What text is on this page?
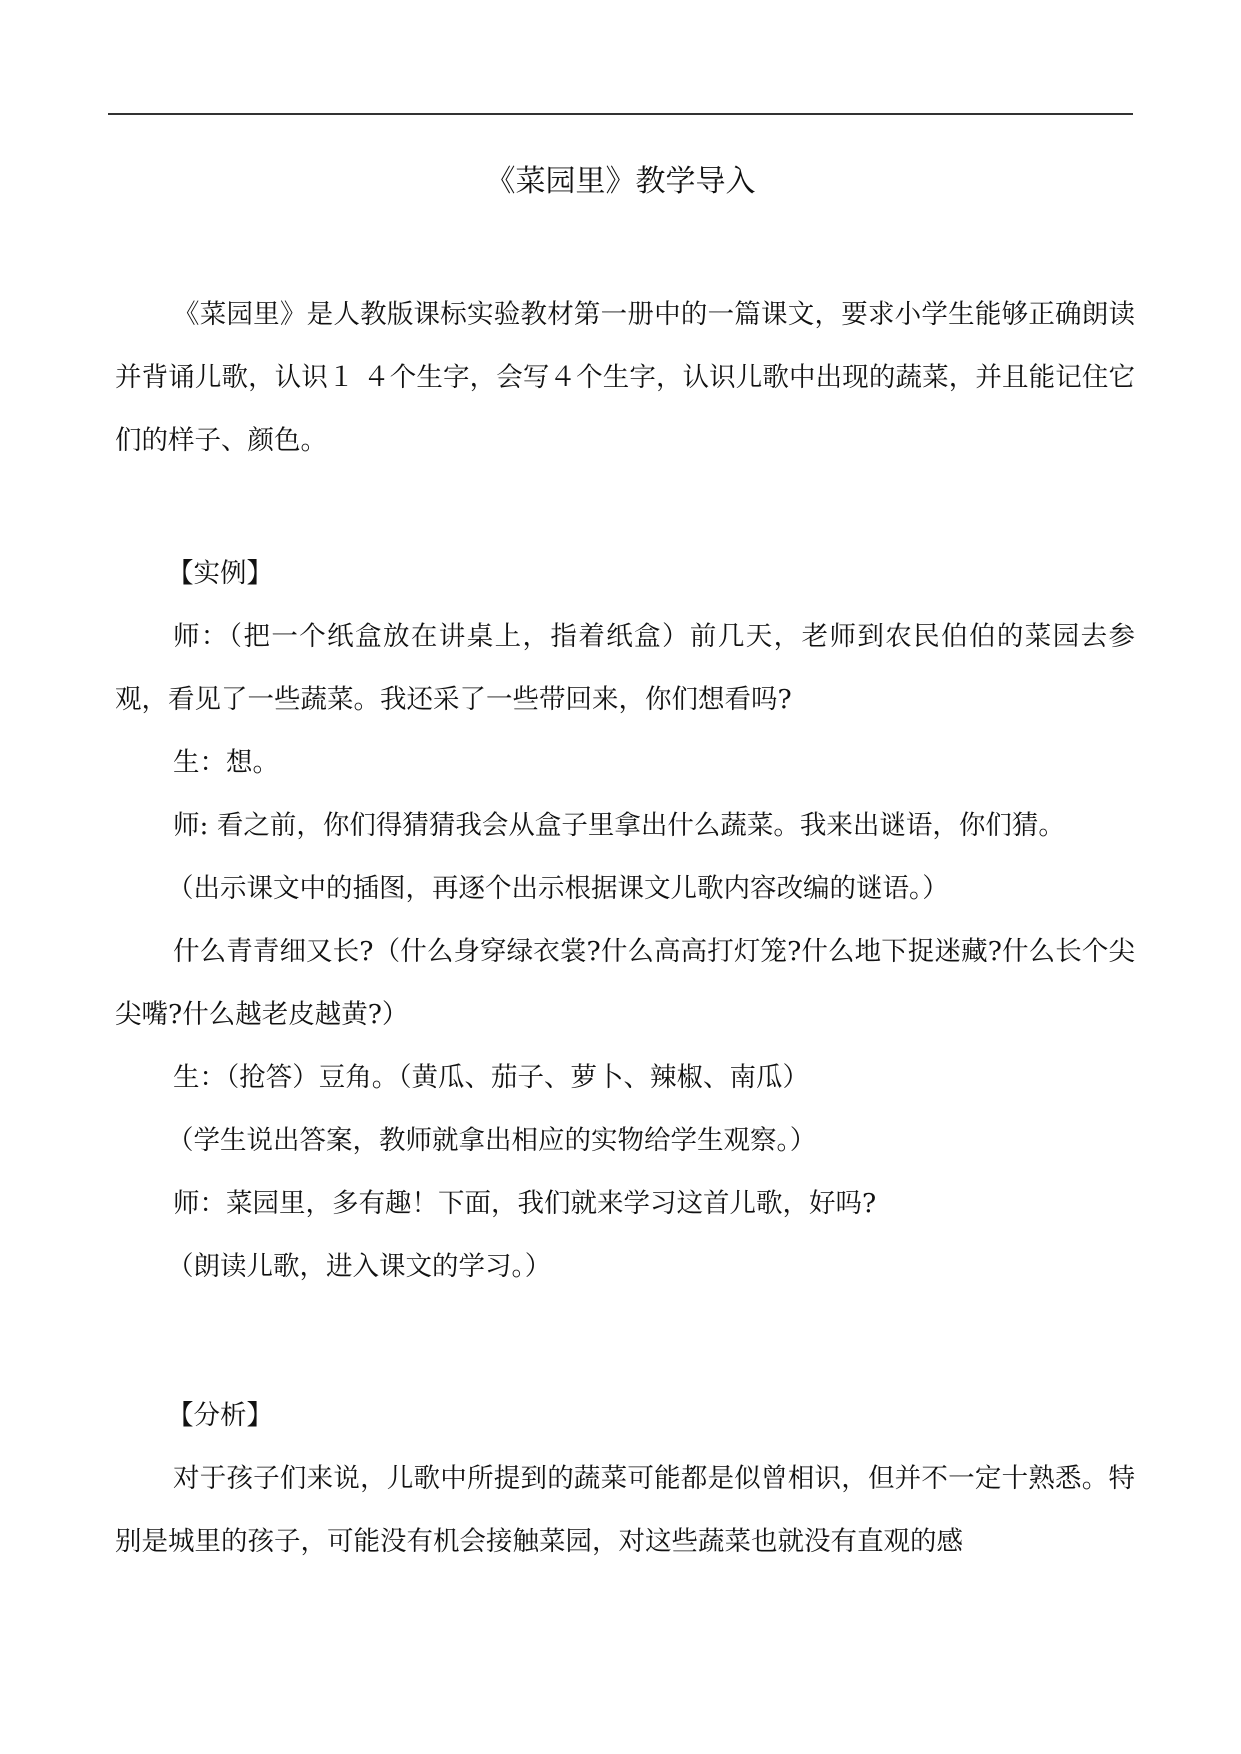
《菜园里》教学导入

《菜园里》是人教版课标实验教材第一册中的一篇课文，要求小学生能够正确朗读并背诵儿歌，认识１ ４个生字，会写４个生字，认识儿歌中出现的蔬菜，并且能记住它们的样子、颜色。

【实例】

师：（把一个纸盒放在讲桌上，指着纸盒）前几天，老师到农民伯伯的菜园去参观，看见了一些蔬菜。我还采了一些带回来，你们想看吗?

生：想。

师: 看之前，你们得猜猜我会从盒子里拿出什么蔬菜。我来出谜语，你们猜。

（出示课文中的插图，再逐个出示根据课文儿歌内容改编的谜语。）

什么青青细又长?（什么身穿绿衣裳?什么高高打灯笼?什么地下捉迷藏?什么长个尖尖嘴?什么越老皮越黄?）

生：（抢答）豆角。（黄瓜、茄子、萝卜、辣椒、南瓜）

（学生说出答案，教师就拿出相应的实物给学生观察。）

师：菜园里，多有趣！下面，我们就来学习这首儿歌，好吗?

（朗读儿歌，进入课文的学习。）

【分析】

对于孩子们来说，儿歌中所提到的蔬菜可能都是似曾相识，但并不一定十熟悉。特别是城里的孩子，可能没有机会接触菜园，对这些蔬菜也就没有直观的感
